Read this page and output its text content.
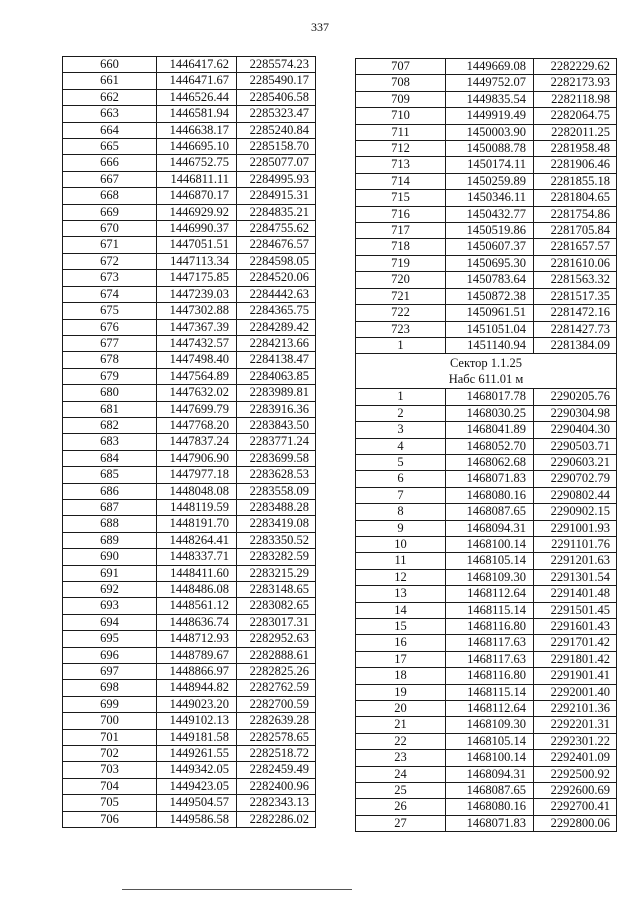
337
660	1446417.62	2285574.23
661	1446471.67	2285490.17
662	1446526.44	2285406.58
663	1446581.94	2285323.47
664	1446638.17	2285240.84
665	1446695.10	2285158.70
666	1446752.75	2285077.07
667	1446811.11	2284995.93
668	1446870.17	2284915.31
669	1446929.92	2284835.21
670	1446990.37	2284755.62
671	1447051.51	2284676.57
672	1447113.34	2284598.05
673	1447175.85	2284520.06
674	1447239.03	2284442.63
675	1447302.88	2284365.75
676	1447367.39	2284289.42
677	1447432.57	2284213.66
678	1447498.40	2284138.47
679	1447564.89	2284063.85
680	1447632.02	2283989.81
681	1447699.79	2283916.36
682	1447768.20	2283843.50
683	1447837.24	2283771.24
684	1447906.90	2283699.58
685	1447977.18	2283628.53
686	1448048.08	2283558.09
687	1448119.59	2283488.28
688	1448191.70	2283419.08
689	1448264.41	2283350.52
690	1448337.71	2283282.59
691	1448411.60	2283215.29
692	1448486.08	2283148.65
693	1448561.12	2283082.65
694	1448636.74	2283017.31
695	1448712.93	2282952.63
696	1448789.67	2282888.61
697	1448866.97	2282825.26
698	1448944.82	2282762.59
699	1449023.20	2282700.59
700	1449102.13	2282639.28
701	1449181.58	2282578.65
702	1449261.55	2282518.72
703	1449342.05	2282459.49
704	1449423.05	2282400.96
705	1449504.57	2282343.13
706	1449586.58	2282286.02
707	1449669.08	2282229.62
708	1449752.07	2282173.93
709	1449835.54	2282118.98
710	1449919.49	2282064.75
711	1450003.90	2282011.25
712	1450088.78	2281958.48
713	1450174.11	2281906.46
714	1450259.89	2281855.18
715	1450346.11	2281804.65
716	1450432.77	2281754.86
717	1450519.86	2281705.84
718	1450607.37	2281657.57
719	1450695.30	2281610.06
720	1450783.64	2281563.32
721	1450872.38	2281517.35
722	1450961.51	2281472.16
723	1451051.04	2281427.73
1	1451140.94	2281384.09
Сектор 1.1.25
Набс 611.01 м		
1	1468017.78	2290205.76
2	1468030.25	2290304.98
3	1468041.89	2290404.30
4	1468052.70	2290503.71
5	1468062.68	2290603.21
6	1468071.83	2290702.79
7	1468080.16	2290802.44
8	1468087.65	2290902.15
9	1468094.31	2291001.93
10	1468100.14	2291101.76
11	1468105.14	2291201.63
12	1468109.30	2291301.54
13	1468112.64	2291401.48
14	1468115.14	2291501.45
15	1468116.80	2291601.43
16	1468117.63	2291701.42
17	1468117.63	2291801.42
18	1468116.80	2291901.41
19	1468115.14	2292001.40
20	1468112.64	2292101.36
21	1468109.30	2292201.31
22	1468105.14	2292301.22
23	1468100.14	2292401.09
24	1468094.31	2292500.92
25	1468087.65	2292600.69
26	1468080.16	2292700.41
27	1468071.83	2292800.06
